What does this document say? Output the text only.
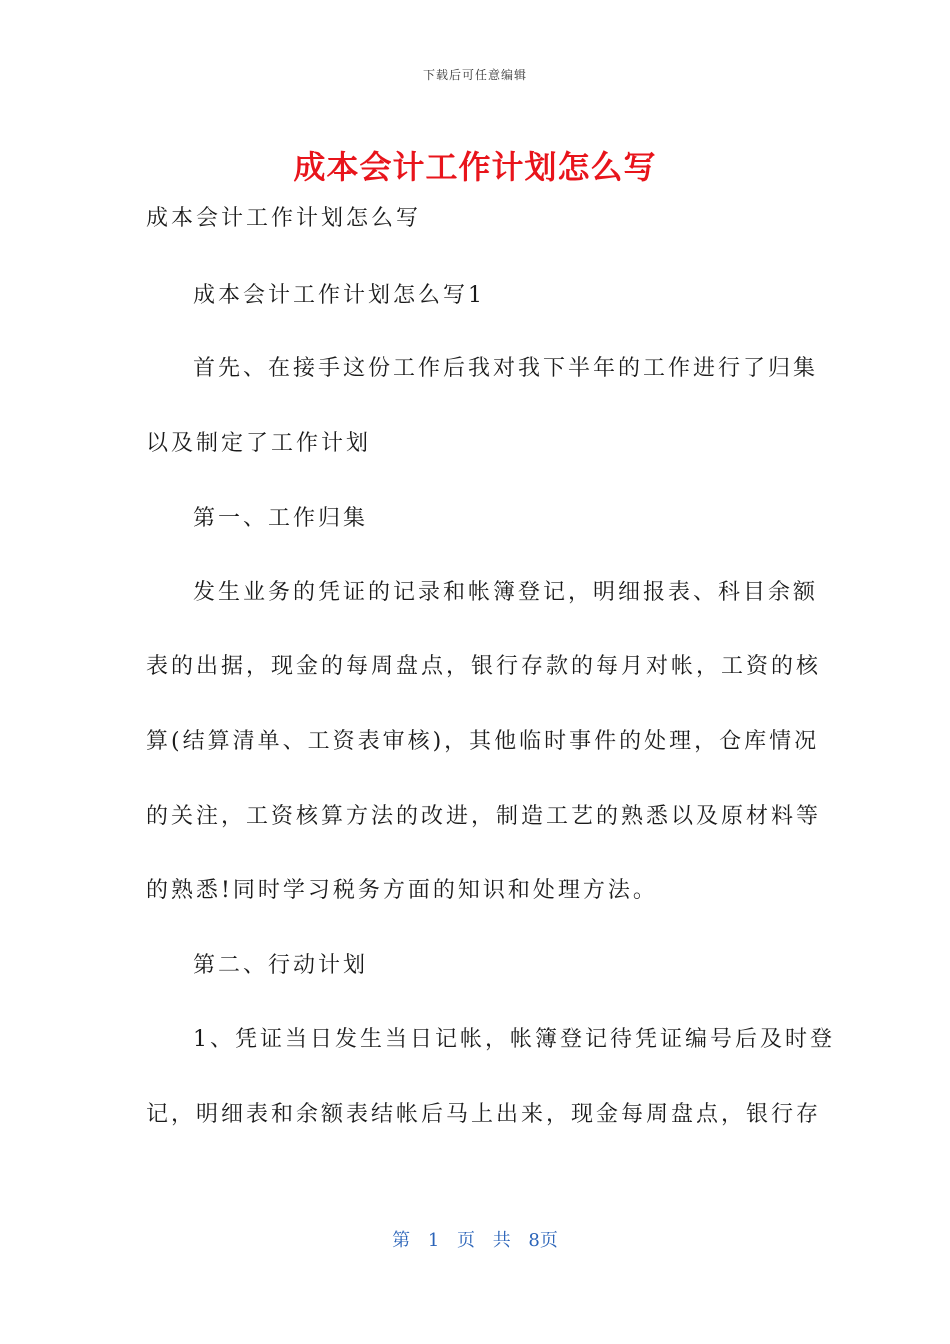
下载后可任意编辑
成本会计工作计划怎么写
成本会计工作计划怎么写
成本会计工作计划怎么写1
首先、在接手这份工作后我对我下半年的工作进行了归集
以及制定了工作计划
第一、工作归集
发生业务的凭证的记录和帐簿登记，明细报表、科目余额
表的出据，现金的每周盘点，银行存款的每月对帐，工资的核
算(结算清单、工资表审核)，其他临时事件的处理，仓库情况
的关注，工资核算方法的改进，制造工艺的熟悉以及原材料等
的熟悉!同时学习税务方面的知识和处理方法。
第二、行动计划
1、凭证当日发生当日记帐，帐簿登记待凭证编号后及时登
记，明细表和余额表结帐后马上出来，现金每周盘点，银行存
第 1 页 共 8页
